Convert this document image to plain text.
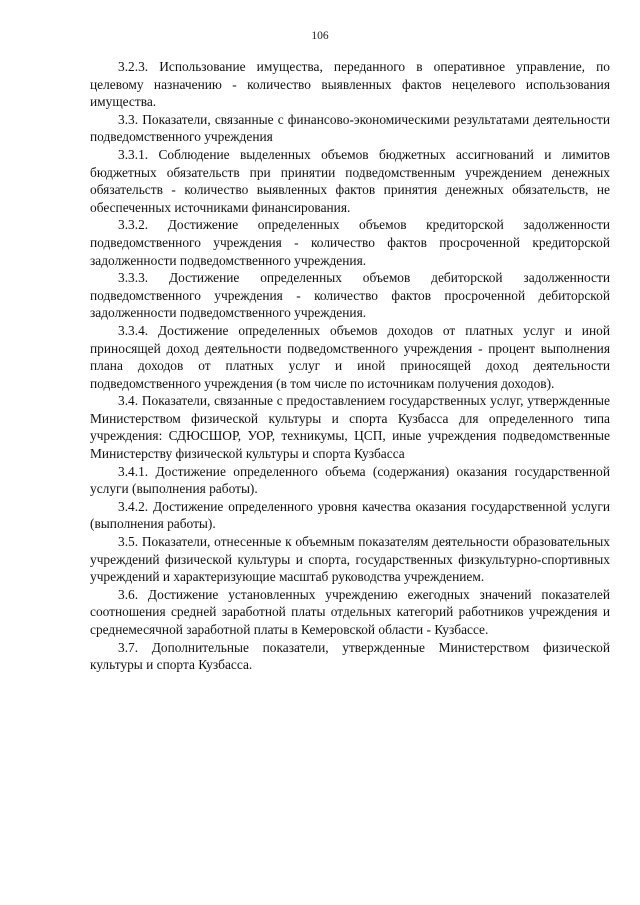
106

3.2.3. Использование имущества, переданного в оперативное управление, по целевому назначению - количество выявленных фактов нецелевого использования имущества.

3.3. Показатели, связанные с финансово-экономическими результатами деятельности подведомственного учреждения

3.3.1. Соблюдение выделенных объемов бюджетных ассигнований и лимитов бюджетных обязательств при принятии подведомственным учреждением денежных обязательств - количество выявленных фактов принятия денежных обязательств, не обеспеченных источниками финансирования.

3.3.2. Достижение определенных объемов кредиторской задолженности подведомственного учреждения - количество фактов просроченной кредиторской задолженности подведомственного учреждения.

3.3.3. Достижение определенных объемов дебиторской задолженности подведомственного учреждения - количество фактов просроченной дебиторской задолженности подведомственного учреждения.

3.3.4. Достижение определенных объемов доходов от платных услуг и иной приносящей доход деятельности подведомственного учреждения - процент выполнения плана доходов от платных услуг и иной приносящей доход деятельности подведомственного учреждения (в том числе по источникам получения доходов).

3.4. Показатели, связанные с предоставлением государственных услуг, утвержденные Министерством физической культуры и спорта Кузбасса для определенного типа учреждения: СДЮСШОР, УОР, техникумы, ЦСП, иные учреждения подведомственные Министерству физической культуры и спорта Кузбасса

3.4.1. Достижение определенного объема (содержания) оказания государственной услуги (выполнения работы).

3.4.2. Достижение определенного уровня качества оказания государственной услуги (выполнения работы).

3.5. Показатели, отнесенные к объемным показателям деятельности образовательных учреждений физической культуры и спорта, государственных физкультурно-спортивных учреждений и характеризующие масштаб руководства учреждением.

3.6. Достижение установленных учреждению ежегодных значений показателей соотношения средней заработной платы отдельных категорий работников учреждения и среднемесячной заработной платы в Кемеровской области - Кузбассе.

3.7. Дополнительные показатели, утвержденные Министерством физической культуры и спорта Кузбасса.
